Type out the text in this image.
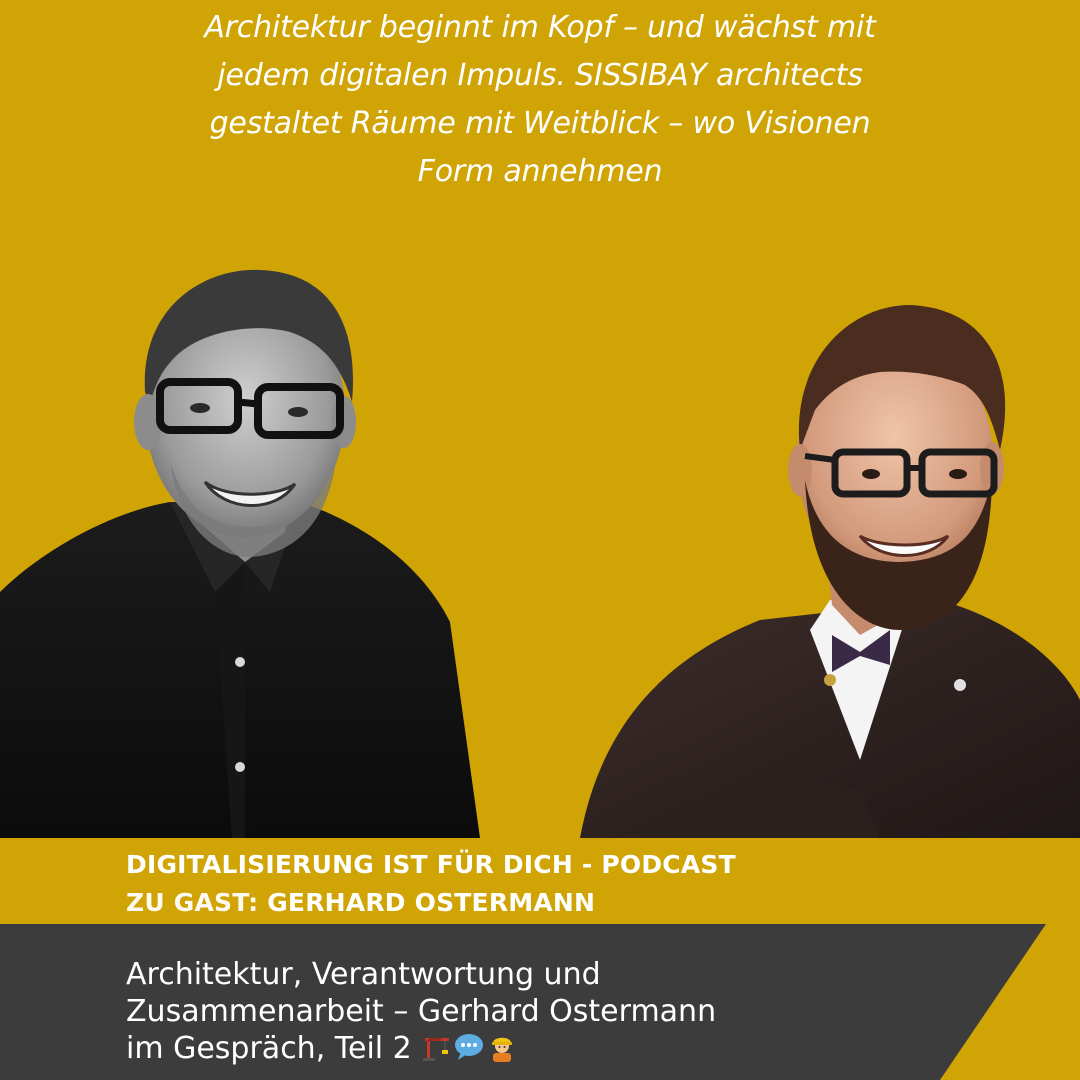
Architektur beginnt im Kopf – und wächst mit
jedem digitalen Impuls. SISSIBAY architects
gestaltet Räume mit Weitblick – wo Visionen
Form annehmen
DIGITALISIERUNG IST FÜR DICH - PODCAST
ZU GAST: GERHARD OSTERMANN
Architektur, Verantwortung und
Zusammenarbeit – Gerhard Ostermann
im Gespräch, Teil 2
